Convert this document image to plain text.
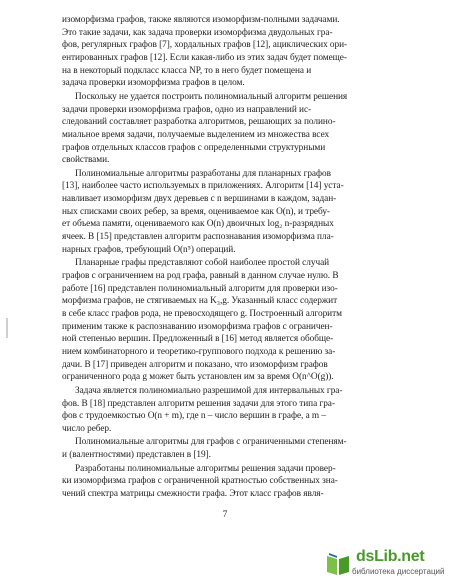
изоморфизма графов, также являются изоморфизм-полными задачами.
Это такие задачи, как задача проверки изоморфизма двудольных гра-
фов, регулярных графов [7], хордальных графов [12], ациклических ори-
ентированных графов [12]. Если какая-либо из этих задач будет помеще-
на в некоторый подкласс класса NP, то в него будет помещена и
задача проверки изоморфизма графов в целом.
Поскольку не удается построить полиномиальный алгоритм решения
задачи проверки изоморфизма графов, одно из направлений ис-
следований составляет разработка алгоритмов, решающих за полино-
миальное время задачи, получаемые выделением из множества всех
графов отдельных классов графов с определенными структурными
свойствами.
Полиномиальные алгоритмы разработаны для планарных графов
[13], наиболее часто используемых в приложениях. Алгоритм [14] уста-
навливает изоморфизм двух деревьев с n вершинами в каждом, задан-
ных списками своих ребер, за время, оцениваемое как O(n), и требу-
ет объема памяти, оцениваемого как O(n) двоичных log₂ n-разрядных
ячеек. В [15] представлен алгоритм распознавания изоморфизма пла-
нарных графов, требующий O(n⁵) операций.
Планарные графы представляют собой наиболее простой случай
графов с ограничением на род графа, равный в данном случае нулю. В
работе [16] представлен полиномиальный алгоритм для проверки изо-
морфизма графов, не стягиваемых на K₃,g. Указанный класс содержит
в себе класс графов рода, не превосходящего g. Построенный алгоритм
применим также к распознаванию изоморфизма графов с ограничен-
ной степенью вершин. Предложенный в [16] метод является обобще-
нием комбинаторного и теоретико-группового подхода к решению за-
дачи. В [17] приведен алгоритм и показано, что изоморфизм графов
ограниченного рода g может быть установлен им за время O(n^O(g)).
Задача является полиномиально разрешимой для интервальных гра-
фов. В [18] представлен алгоритм решения задачи для этого типа гра-
фов с трудоемкостью O(n + m), где n – число вершин в графе, а m –
число ребер.
Полиномиальные алгоритмы для графов с ограниченными степеням-
и (валентностями) представлен в [19].
Разработаны полиномиальные алгоритмы решения задачи провер-
ки изоморфизма графов с ограниченной кратностью собственных зна-
чений спектра матрицы смежности графа. Этот класс графов явля-
7
dsLib.net
библиотека диссертаций
